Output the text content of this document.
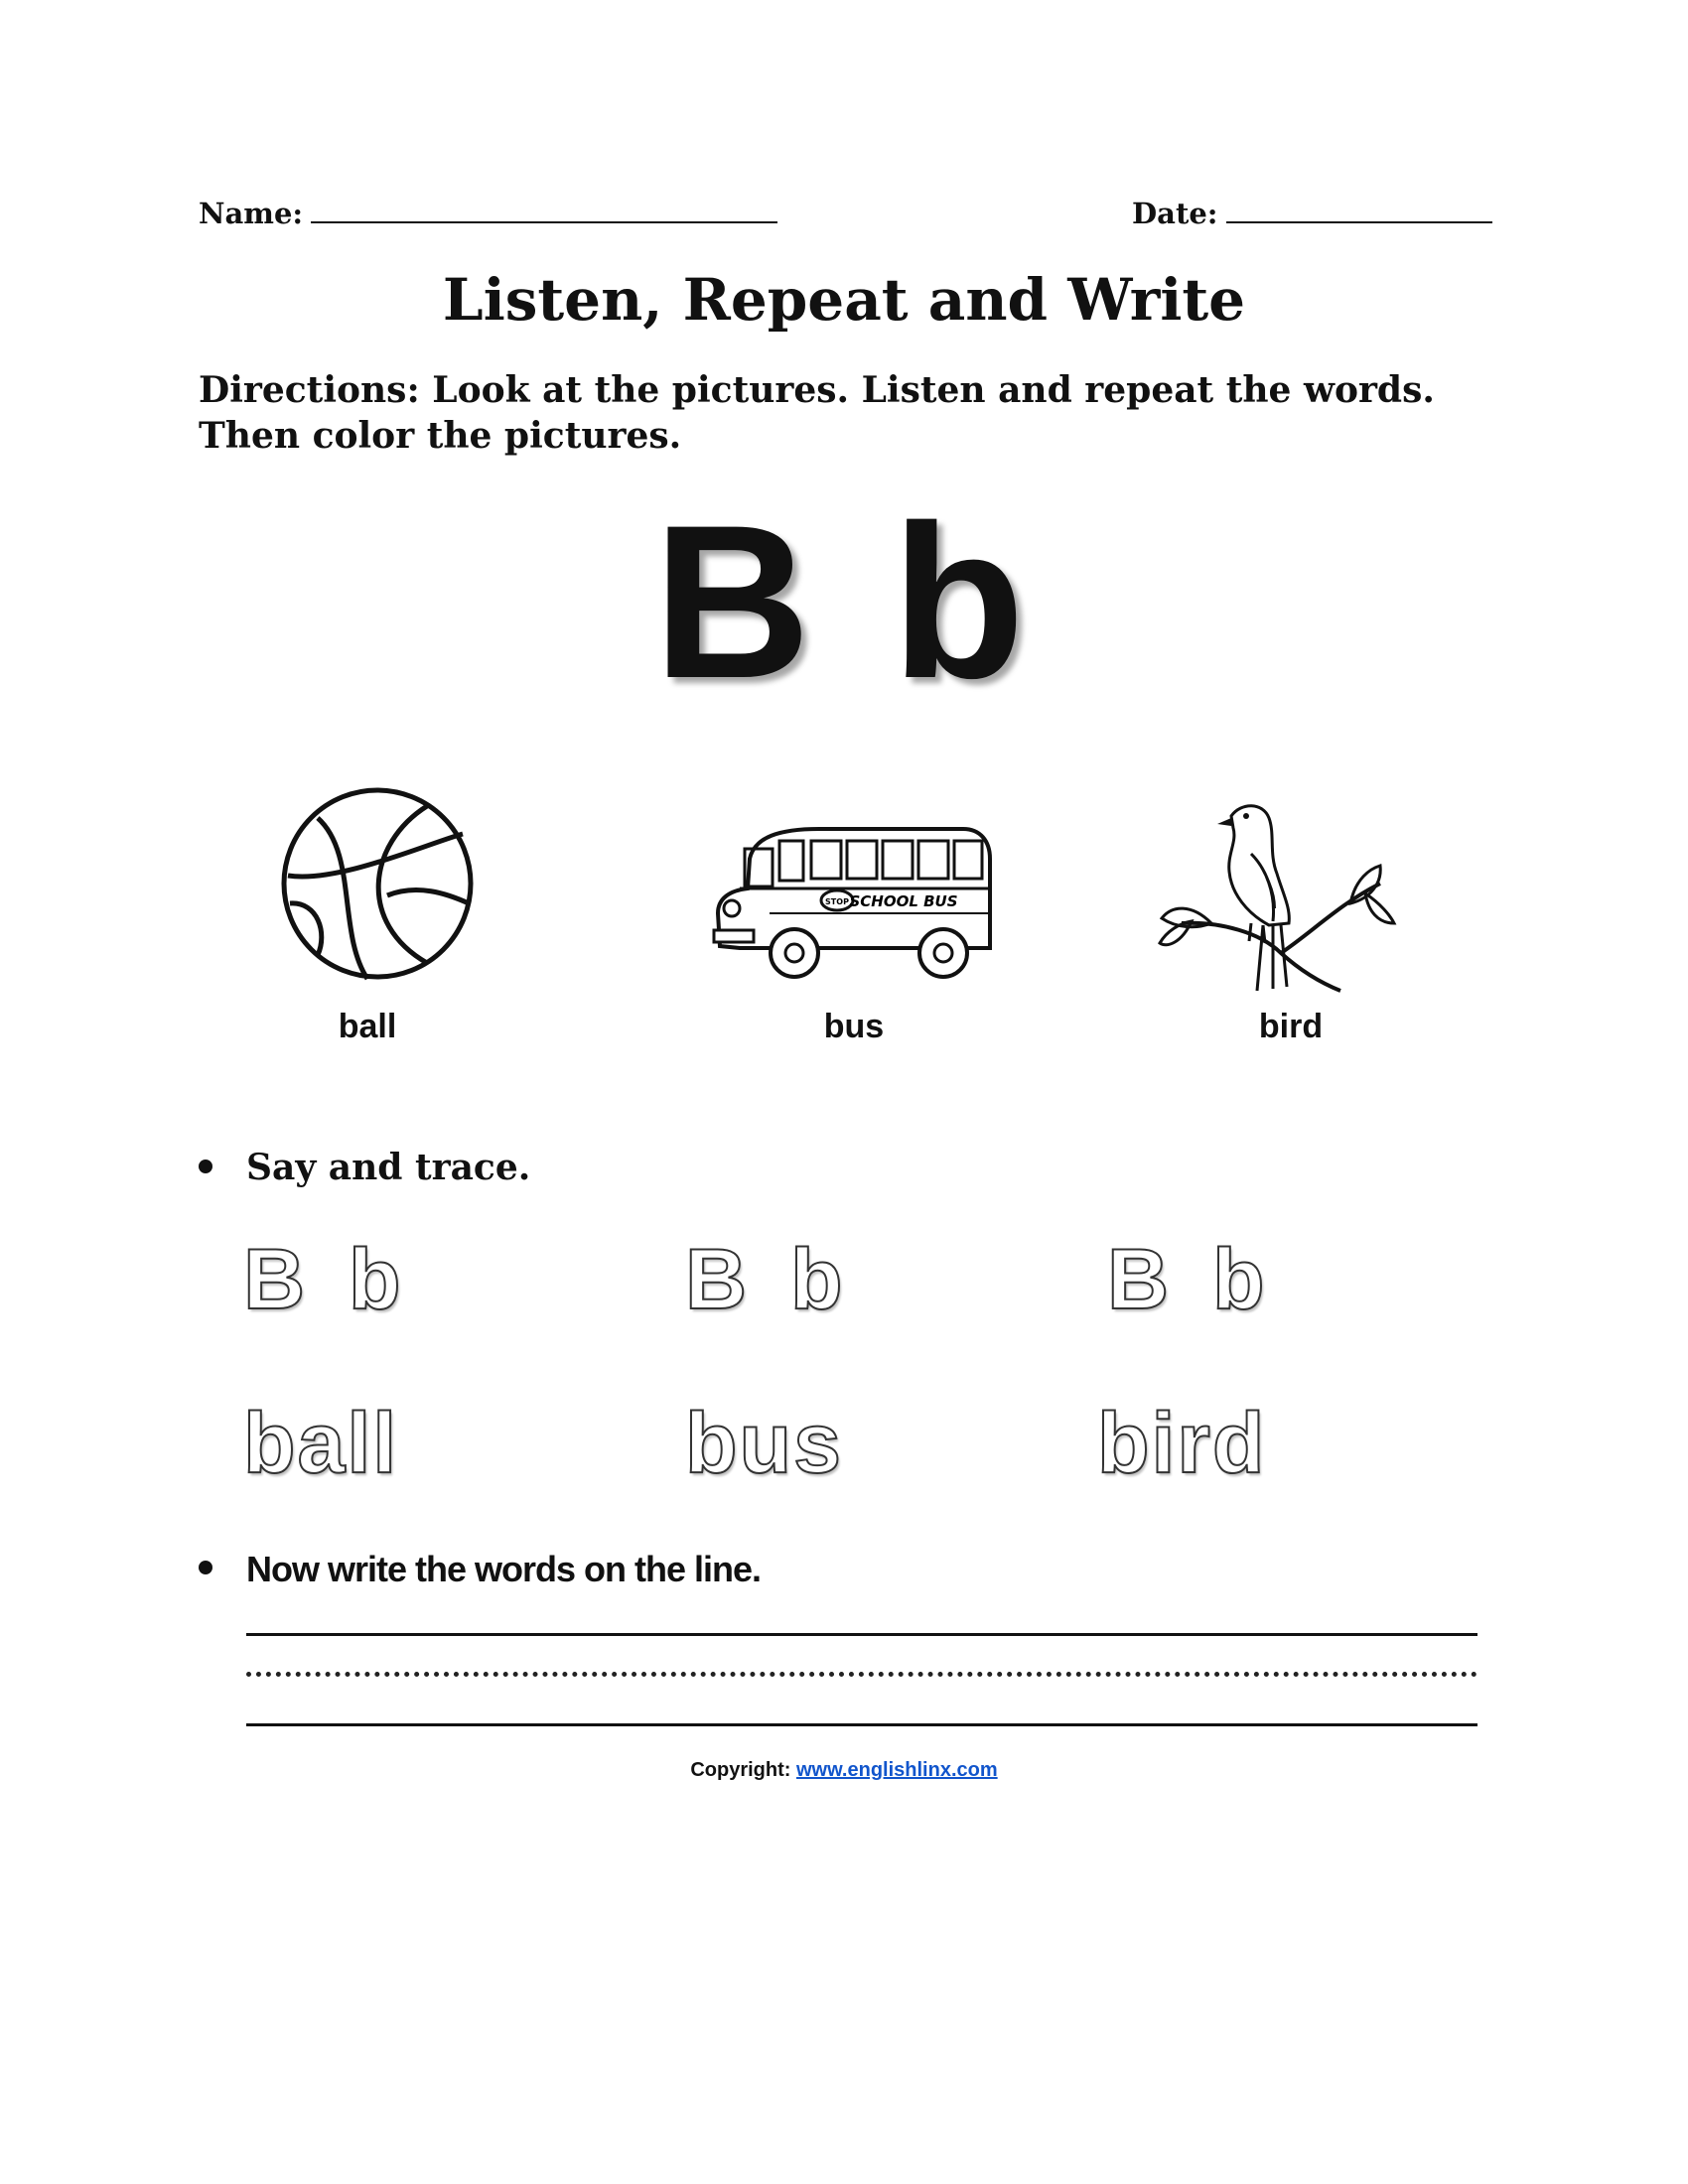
Name:	Date:
Listen, Repeat and Write
Directions: Look at the pictures. Listen and repeat the words. Then color the pictures.
B b
ball
STOP SCHOOL BUS
bus	bird
Say and trace.
B b	B b	B b
ball	bus	bird
Now write the words on the line.
Copyright: www.englishlinx.com
